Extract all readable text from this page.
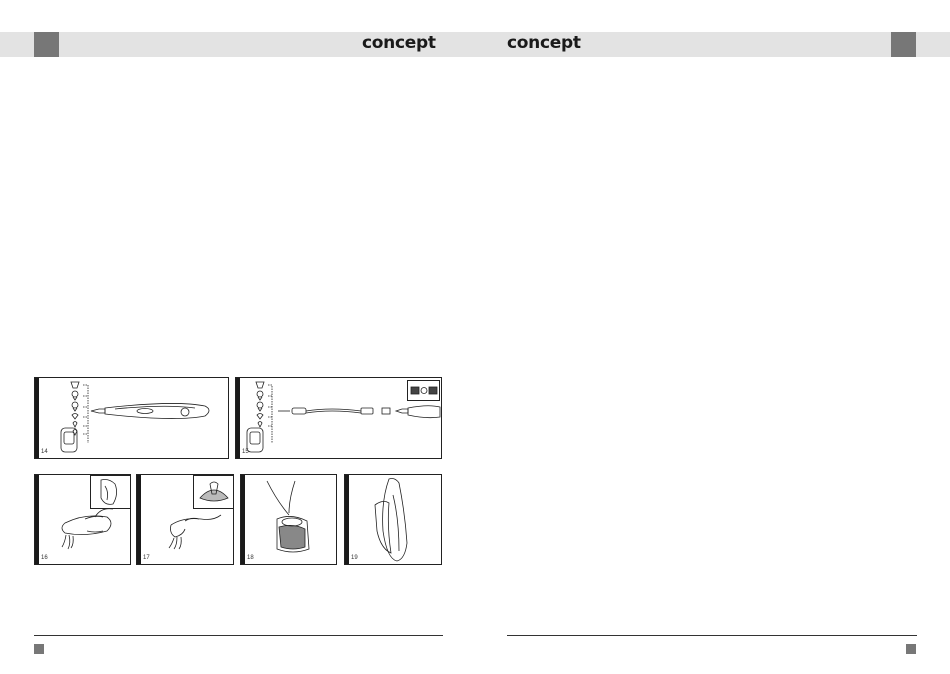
concept	concept
14	15
16	17	18	19
